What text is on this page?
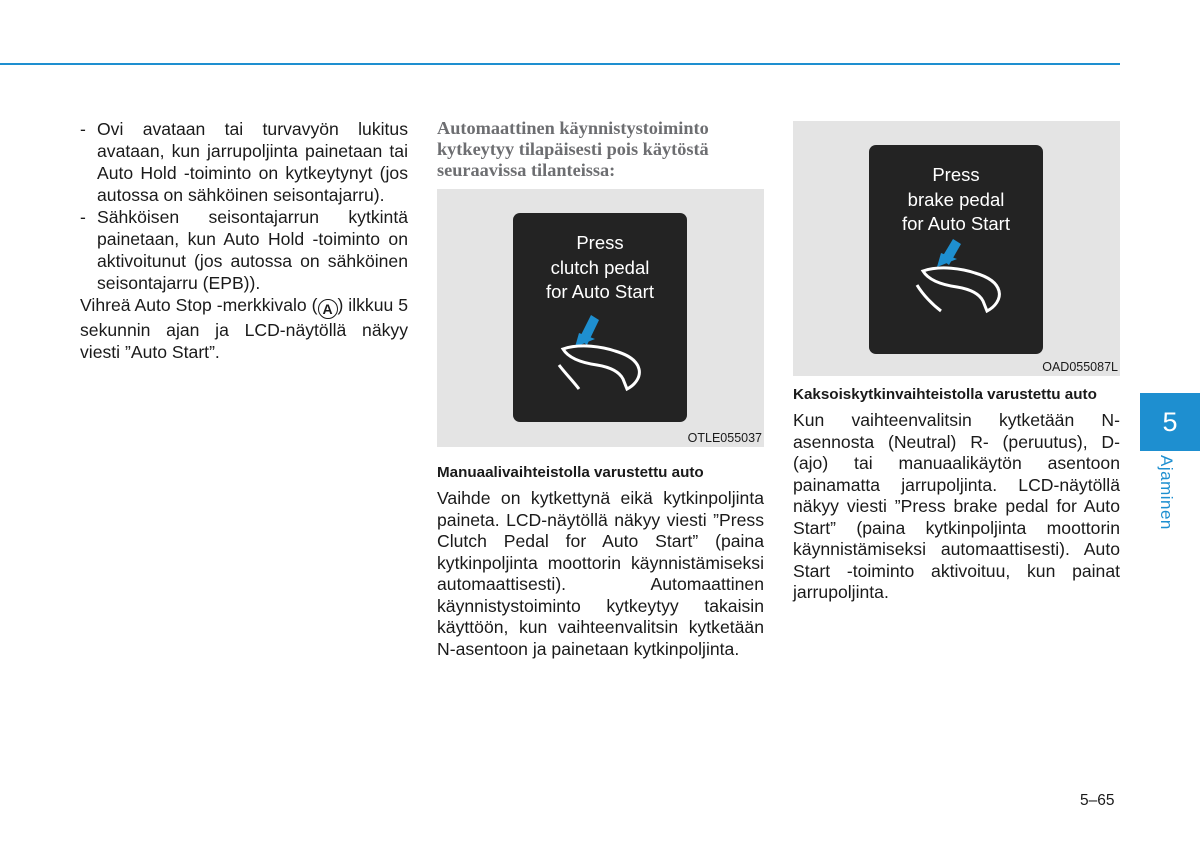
- Ovi avataan tai turvavyön lukitus avataan, kun jarrupoljinta painetaan tai Auto Hold -toiminto on kytkeytynyt (jos autossa on sähköinen seisontajarru).
- Sähköisen seisontajarrun kytkintä painetaan, kun Auto Hold -toiminto on aktivoitunut (jos autossa on sähköinen seisontajarru (EPB)).

Vihreä Auto Stop -merkkivalo ( A ) ilkkuu 5 sekunnin ajan ja LCD-näytöllä näkyy viesti ”Auto Start”.

Automaattinen käynnistystoiminto kytkeytyy tilapäisesti pois käytöstä seuraavissa tilanteissa:

Press
clutch pedal
for Auto Start
OTLE055037
Manuaalivaihteistolla varustettu auto
Vaihde on kytkettynä eikä kytkinpoljinta paineta. LCD-näytöllä näkyy viesti ”Press Clutch Pedal for Auto Start” (paina kytkinpoljinta moottorin käynnistämiseksi automaattisesti). Automaattinen käynnistystoiminto kytkeytyy takaisin käyttöön, kun vaihteenvalitsin kytketään N-asentoon ja painetaan kytkinpoljinta.
Press
brake pedal
for Auto Start
OAD055087L
Kaksoiskytkinvaihteistolla varustettu auto
Kun vaihteenvalitsin kytketään N-asennosta (Neutral) R- (peruutus), D- (ajo) tai manuaalikäytön asentoon painamatta jarrupoljinta. LCD-näytöllä näkyy viesti ”Press brake pedal for Auto Start” (paina kytkinpoljinta moottorin käynnistämiseksi automaattisesti). Auto Start -toiminto aktivoituu, kun painat jarrupoljinta.
5
Ajaminen
5–65
